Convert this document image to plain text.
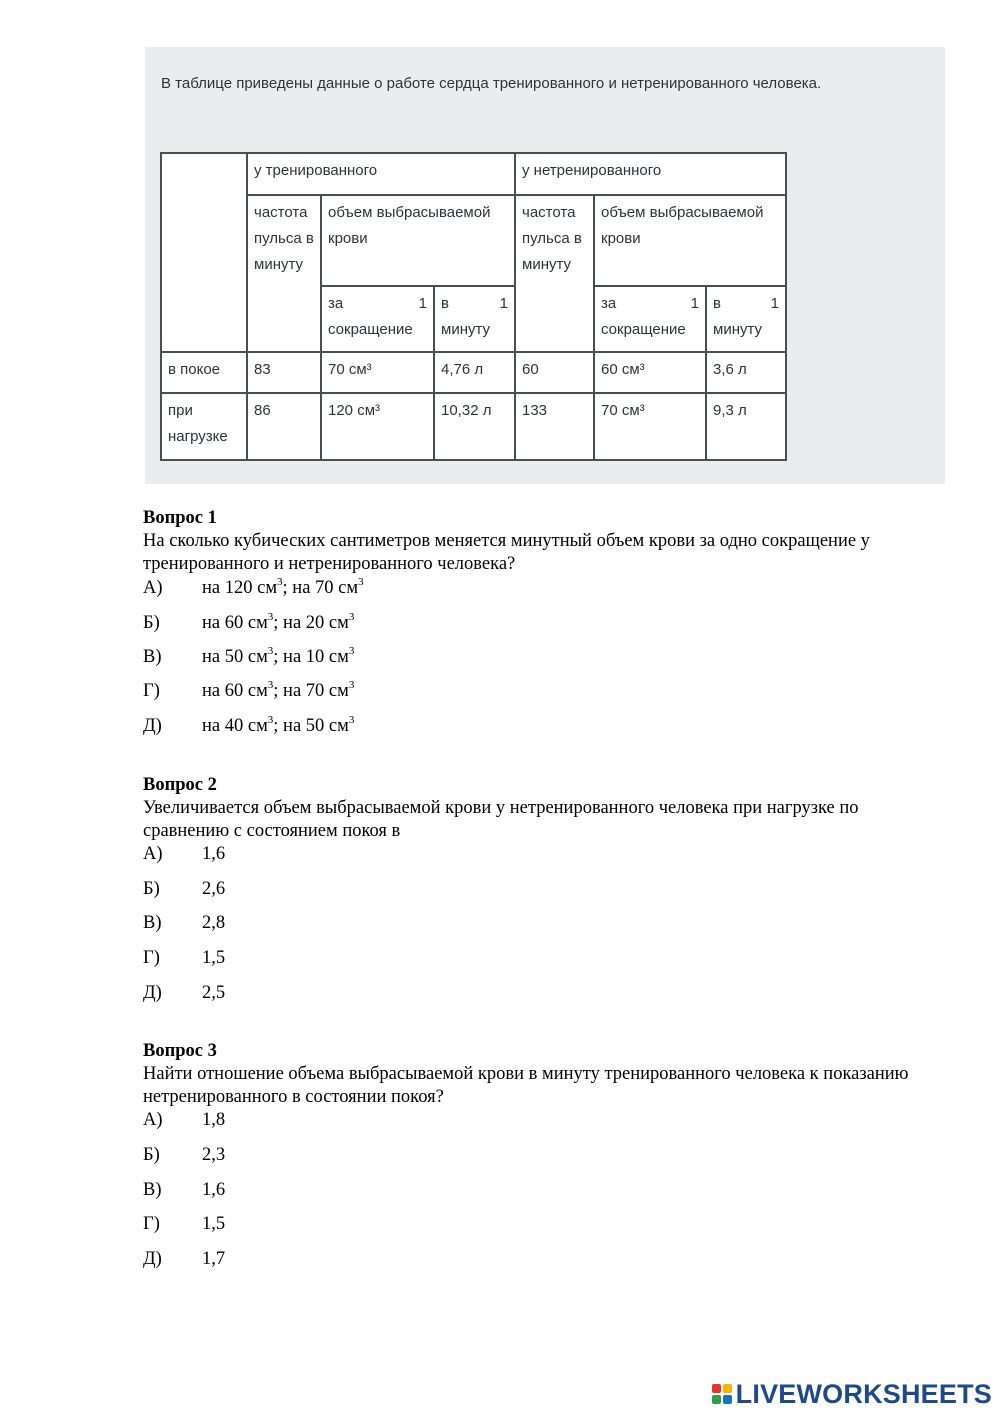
В таблице приведены данные о работе сердца тренированного и нетренированного человека.
	у тренированного			у нетренированного		
	частота пульса в минуту	объем выбрасываемой крови		частота пульса в минуту	объем выбрасываемой крови	
		за 1 сокращение	в 1 минуту		за 1 сокращение	в 1 минуту
в покое	83	70 см³	4,76 л	60	60 см³	3,6 л
при нагрузке	86	120 см³	10,32 л	133	70 см³	9,3 л
Вопрос 1
На сколько кубических сантиметров меняется минутный объем крови за одно сокращение у тренированного и нетренированного человека?
А) на 120 $см^3$; на 70 $см^3$
Б) на 60 $см^3$; на 20 $см^3$
В) на 50 $см^3$; на 10 $см^3$
Г) на 60 $см^3$; на 70 $см^3$
Д) на 40 $см^3$; на 50 $см^3$
Вопрос 2
Увеличивается объем выбрасываемой крови у нетренированного человека при нагрузке по сравнению с состоянием покоя в
А) 1,6
Б) 2,6
В) 2,8
Г) 1,5
Д) 2,5
Вопрос 3
Найти отношение объема выбрасываемой крови в минуту тренированного человека к показанию нетренированного в состоянии покоя?
А) 1,8
Б) 2,3
В) 1,6
Г) 1,5
Д) 1,7
LIVEWORKSHEETS
